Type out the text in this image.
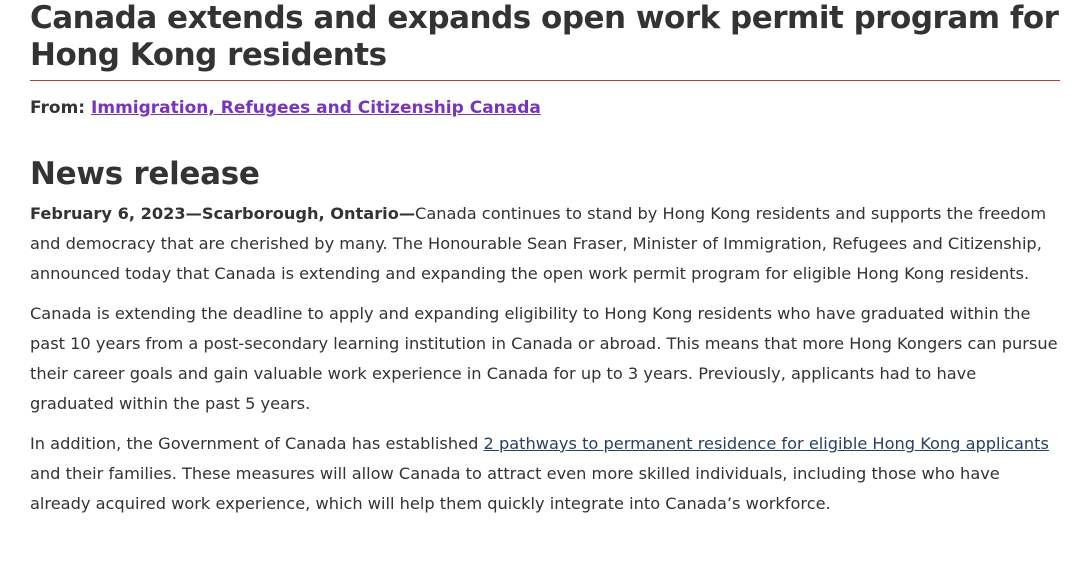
Canada extends and expands open work permit program for Hong Kong residents
From: Immigration, Refugees and Citizenship Canada
News release

February 6, 2023—Scarborough, Ontario—Canada continues to stand by Hong Kong residents and supports the freedom and democracy that are cherished by many. The Honourable Sean Fraser, Minister of Immigration, Refugees and Citizenship, announced today that Canada is extending and expanding the open work permit program for eligible Hong Kong residents.

Canada is extending the deadline to apply and expanding eligibility to Hong Kong residents who have graduated within the past 10 years from a post-secondary learning institution in Canada or abroad. This means that more Hong Kongers can pursue their career goals and gain valuable work experience in Canada for up to 3 years. Previously, applicants had to have graduated within the past 5 years.

In addition, the Government of Canada has established 2 pathways to permanent residence for eligible Hong Kong applicants and their families. These measures will allow Canada to attract even more skilled individuals, including those who have already acquired work experience, which will help them quickly integrate into Canada’s workforce.
